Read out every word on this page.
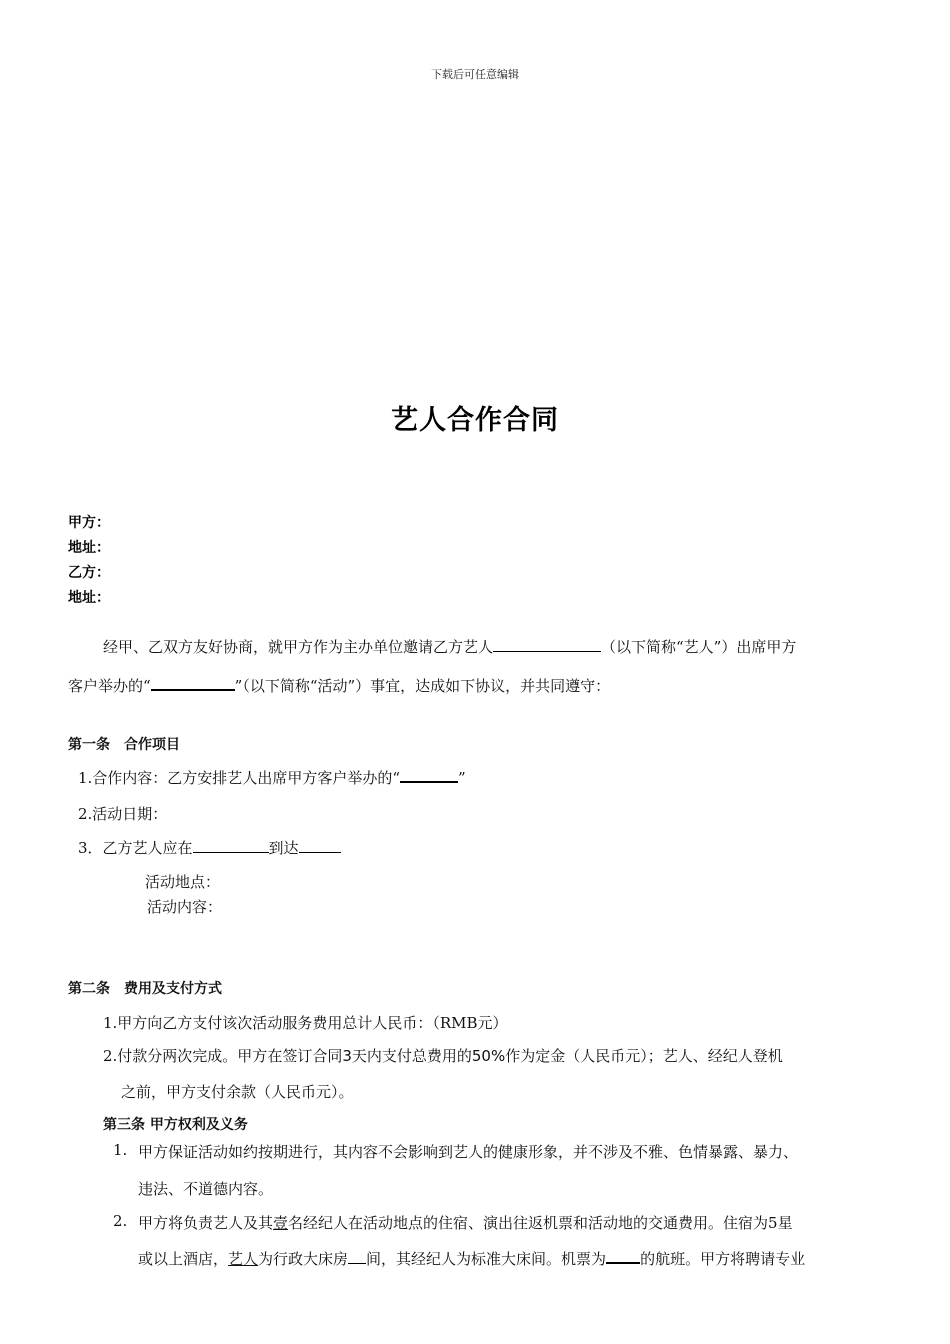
下载后可任意编辑
艺人合作合同
甲方：
地址：
乙方：
地址：
经甲、乙双方友好协商，就甲方作为主办单位邀请乙方艺人	（以下简称“艺人”）出席甲方
客户举办的“	”（以下简称“活动”）事宜，达成如下协议，并共同遵守：
第一条　合作项目
1.合作内容：乙方安排艺人出席甲方客户举办的“	”
2.活动日期：
3．乙方艺人应在	到达
活动地点：
活动内容：
第二条　费用及支付方式
1.甲方向乙方支付该次活动服务费用总计人民币：（RMB元）
2.付款分两次完成。甲方在签订合同3天内支付总费用的50%作为定金（人民币元）；艺人、经纪人登机
之前，甲方支付余款（人民币元）。
第三条 甲方权利及义务
1. 甲方保证活动如约按期进行，其内容不会影响到艺人的健康形象，并不涉及不雅、色情暴露、暴力、
违法、不道德内容。
2. 甲方将负责艺人及其壹名经纪人在活动地点的住宿、演出往返机票和活动地的交通费用。住宿为5星
或以上酒店，艺人为行政大床房 间，其经纪人为标准大床间。机票为 的航班。甲方将聘请专业
